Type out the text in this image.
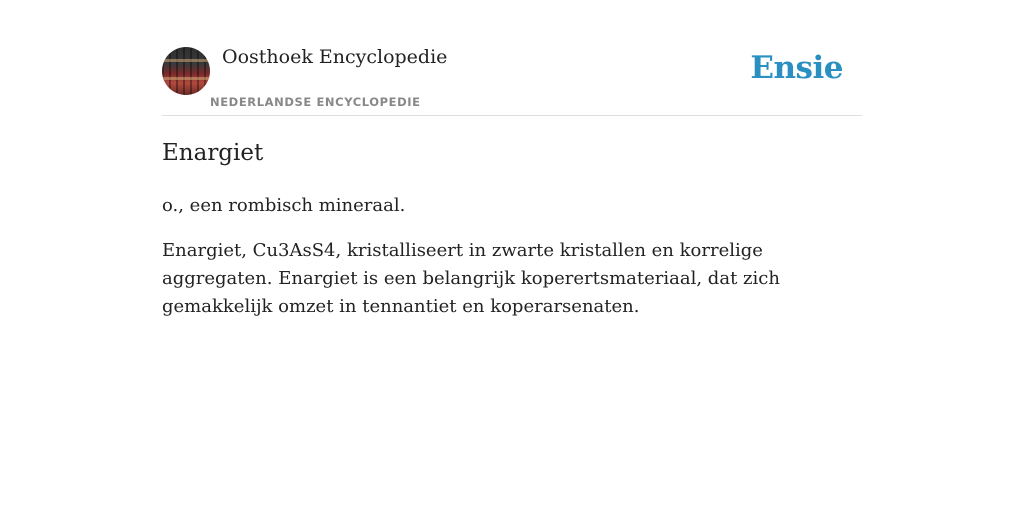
Oosthoek Encyclopedie
NEDERLANDSE ENCYCLOPEDIE
Ensie
Enargiet

o., een rombisch mineraal.

Enargiet, Cu3AsS4, kristalliseert in zwarte kristallen en korrelige aggregaten. Enargiet is een belangrijk koperertsmateriaal, dat zich gemakkelijk omzet in tennantiet en koperarsenaten.
